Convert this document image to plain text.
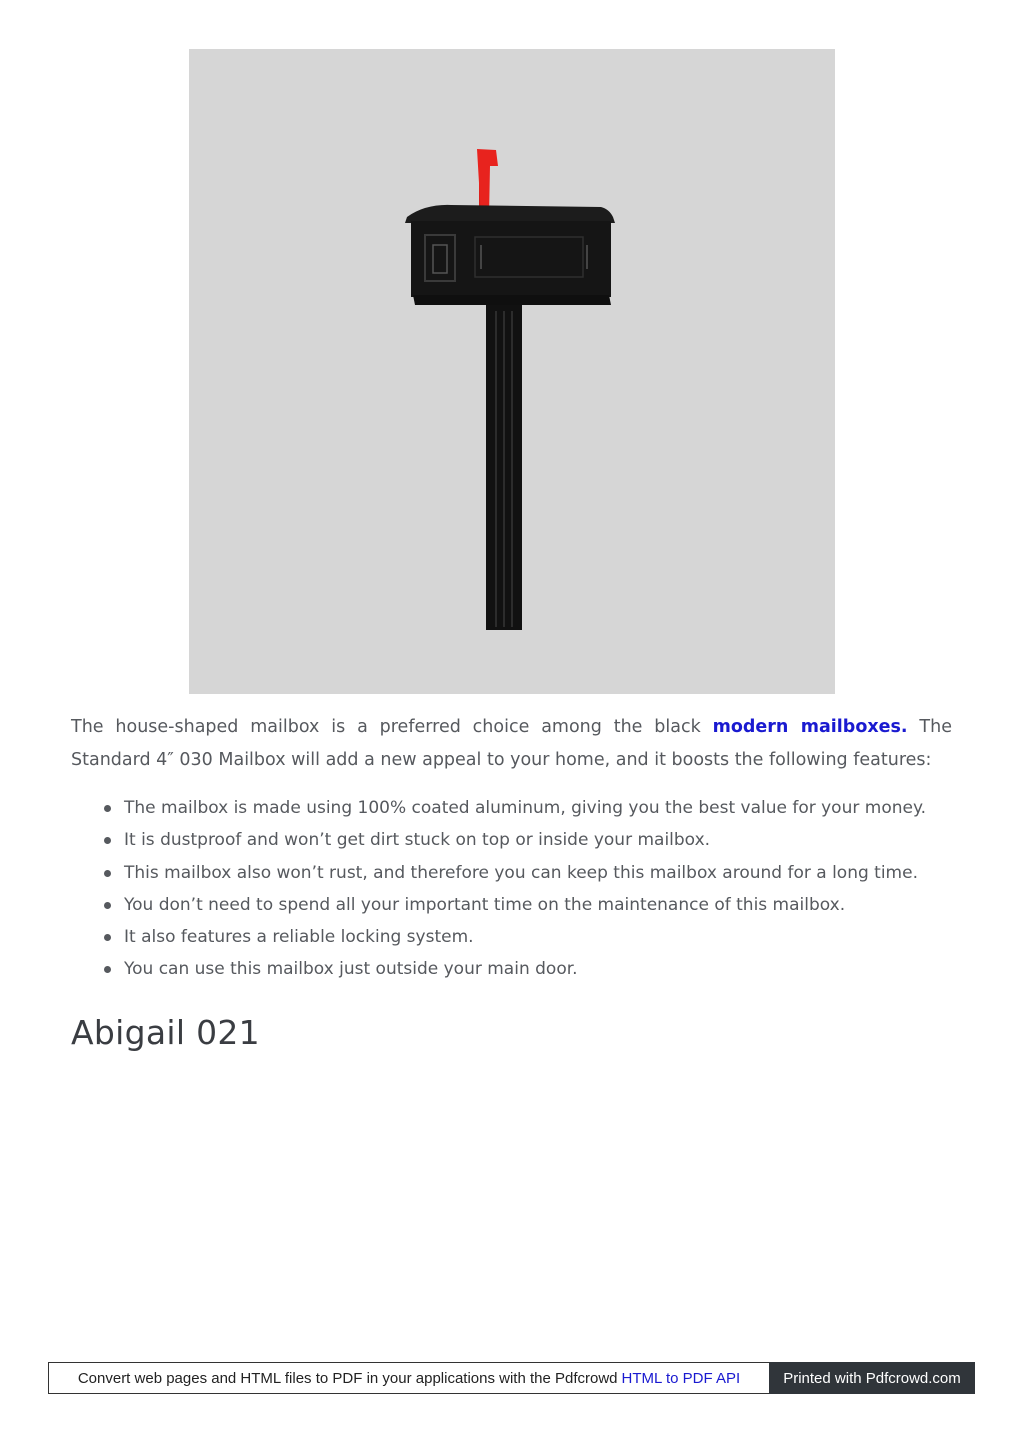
The house-shaped mailbox is a preferred choice among the black modern mailboxes. The Standard 4″ 030 Mailbox will add a new appeal to your home, and it boosts the following features:

The mailbox is made using 100% coated aluminum, giving you the best value for your money.
It is dustproof and won’t get dirt stuck on top or inside your mailbox.
This mailbox also won’t rust, and therefore you can keep this mailbox around for a long time.
You don’t need to spend all your important time on the maintenance of this mailbox.
It also features a reliable locking system.
You can use this mailbox just outside your main door.
Abigail 021
Convert web pages and HTML files to PDF in your applications with the Pdfcrowd HTML to PDF API	Printed with Pdfcrowd.com
